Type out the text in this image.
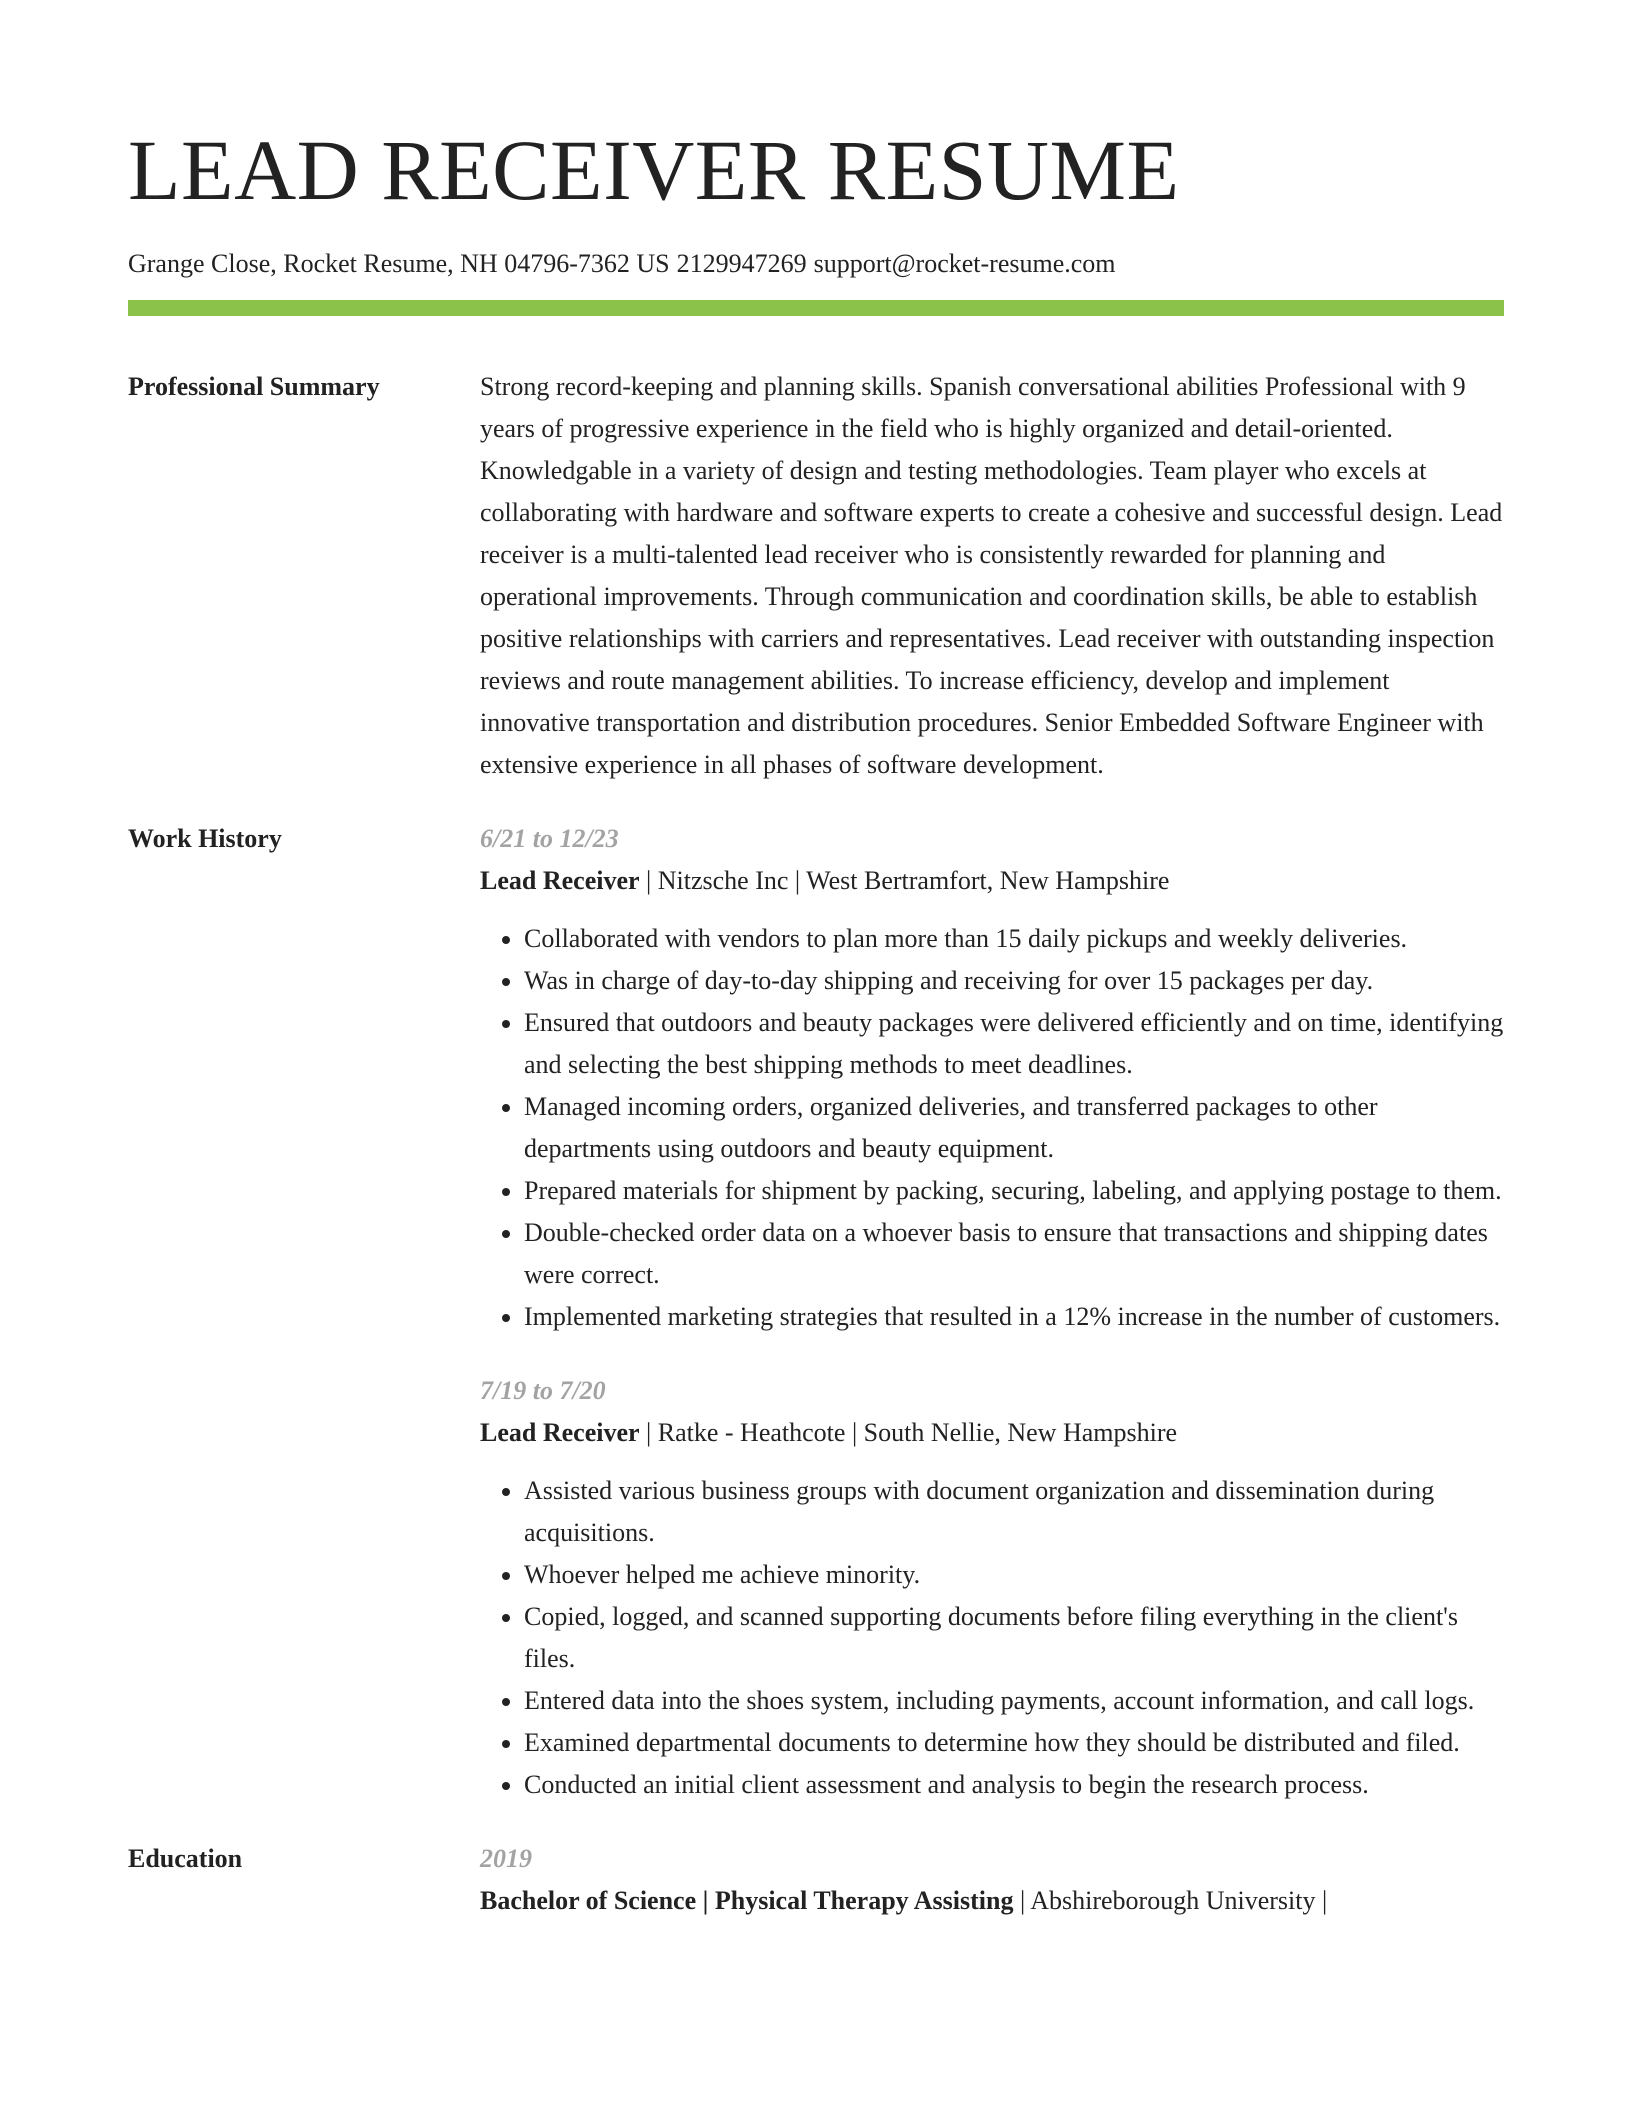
LEAD RECEIVER RESUME
Grange Close, Rocket Resume, NH 04796-7362 US 2129947269 support@rocket-resume.com
Professional Summary	Strong record-keeping and planning skills. Spanish conversational abilities Professional with 9 years of progressive experience in the field who is highly organized and detail-oriented. Knowledgable in a variety of design and testing methodologies. Team player who excels at collaborating with hardware and software experts to create a cohesive and successful design. Lead receiver is a multi-talented lead receiver who is consistently rewarded for planning and operational improvements. Through communication and coordination skills, be able to establish positive relationships with carriers and representatives. Lead receiver with outstanding inspection reviews and route management abilities. To increase efficiency, develop and implement innovative transportation and distribution procedures. Senior Embedded Software Engineer with extensive experience in all phases of software development.

Work History	6/21 to 12/23
Lead Receiver | Nitzsche Inc | West Bertramfort, New Hampshire
• Collaborated with vendors to plan more than 15 daily pickups and weekly deliveries.
• Was in charge of day-to-day shipping and receiving for over 15 packages per day.
• Ensured that outdoors and beauty packages were delivered efficiently and on time, identifying and selecting the best shipping methods to meet deadlines.
• Managed incoming orders, organized deliveries, and transferred packages to other departments using outdoors and beauty equipment.
• Prepared materials for shipment by packing, securing, labeling, and applying postage to them.
• Double-checked order data on a whoever basis to ensure that transactions and shipping dates were correct.
• Implemented marketing strategies that resulted in a 12% increase in the number of customers.
7/19 to 7/20
Lead Receiver | Ratke - Heathcote | South Nellie, New Hampshire
• Assisted various business groups with document organization and dissemination during acquisitions.
• Whoever helped me achieve minority.
• Copied, logged, and scanned supporting documents before filing everything in the client's files.
• Entered data into the shoes system, including payments, account information, and call logs.
• Examined departmental documents to determine how they should be distributed and filed.
• Conducted an initial client assessment and analysis to begin the research process.
Education	2019
Bachelor of Science | Physical Therapy Assisting | Abshireborough University |
